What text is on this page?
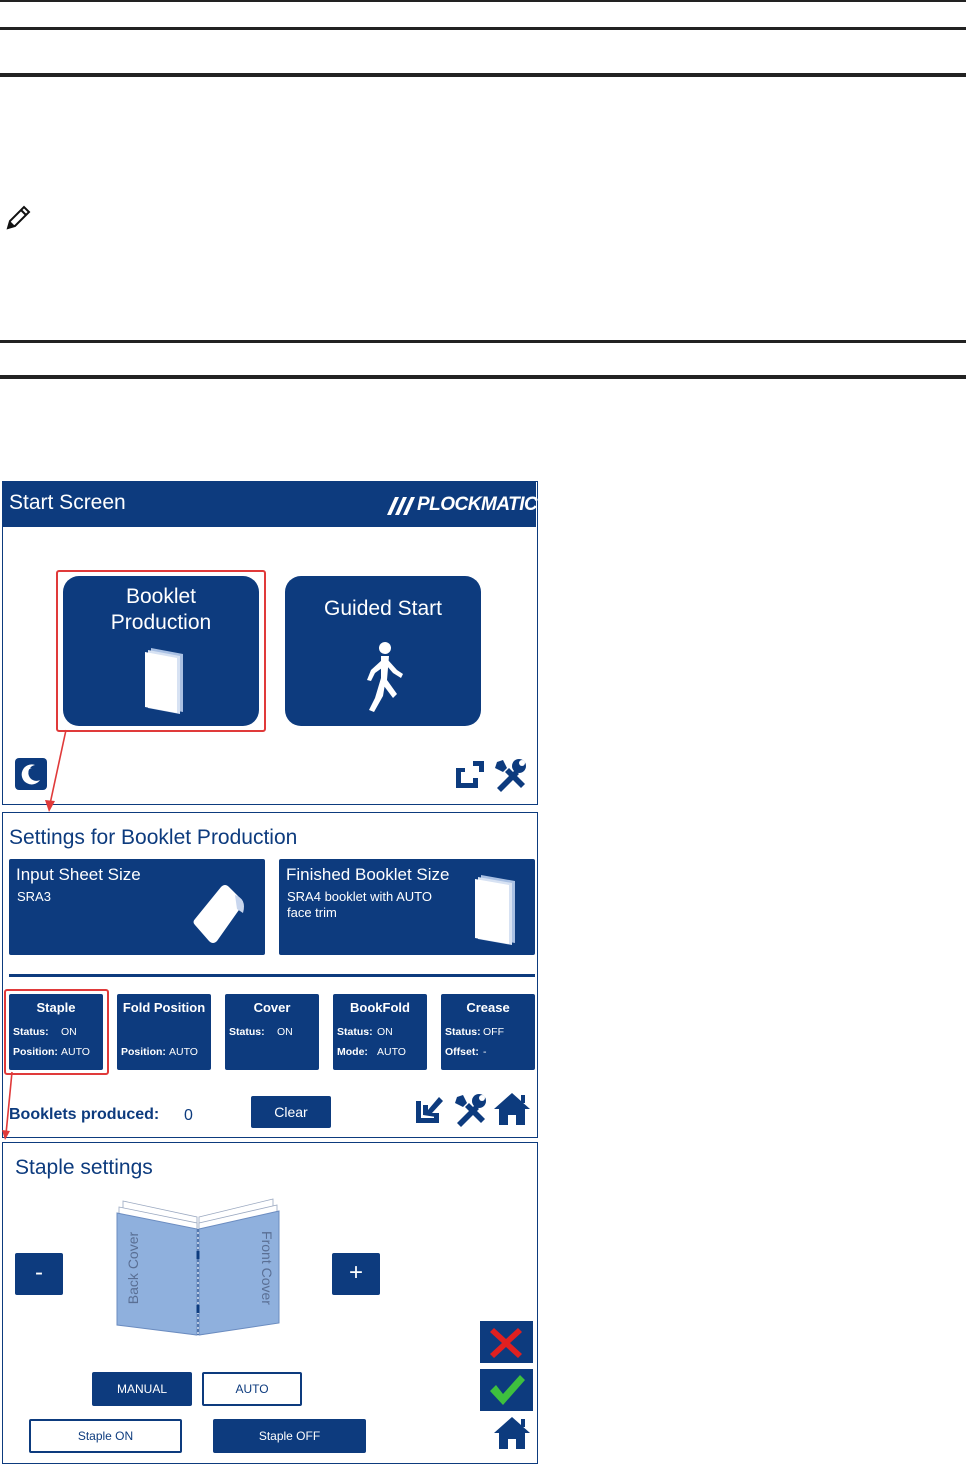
Start Screen	PLOCKMATIC
Booklet
Production
Guided Start
Z
z
Settings for Booklet Production
Input Sheet Size
SRA3
Finished Booklet Size
SRA4 booklet with AUTO
face trim
Staple
Status: ON
Position: AUTO
Fold Position
Position: AUTO
Cover
Status: ON
BookFold
Status: ON
Mode: AUTO
Crease
Status: OFF
Offset: -
Booklets produced: 0	Clear
Staple settings
-	+
Back Cover	Front Cover
MANUAL	AUTO
Staple ON	Staple OFF
